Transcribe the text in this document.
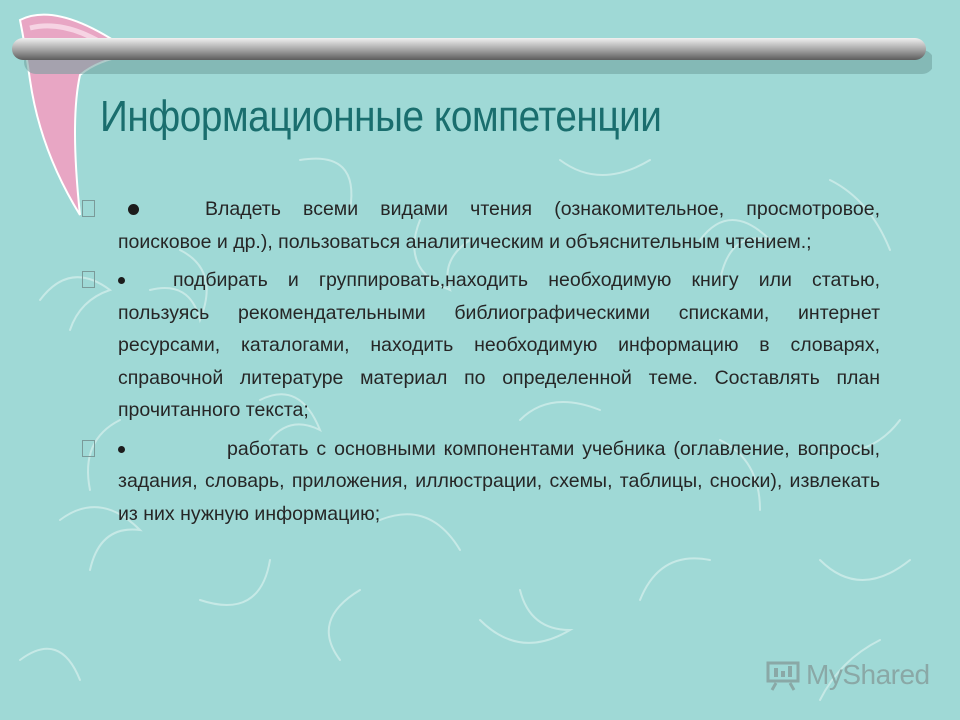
Информационные компетенции
Владеть всеми видами чтения (ознакомительное, просмотровое, поисковое и др.), пользоваться аналитическим и объяснительным чтением.;
подбирать и группировать,находить необходимую книгу или статью, пользуясь рекомендательными библиографическими списками, интернет ресурсами, каталогами, находить необходимую информацию в словарях, справочной литературе материал по определенной теме. Составлять план прочитанного текста;
работать с основными компонентами учебника (оглавление, вопросы, задания, словарь, приложения, иллюстрации, схемы, таблицы, сноски), извлекать из них нужную информацию;
MyShared
